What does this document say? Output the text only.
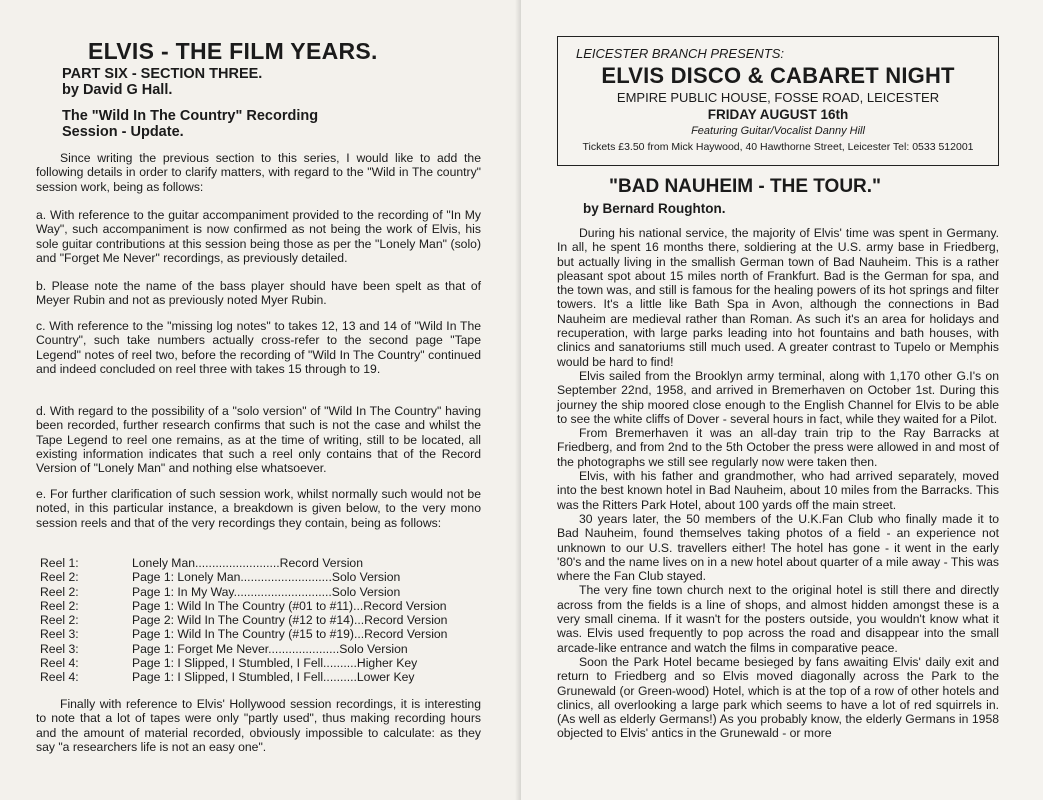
ELVIS - THE FILM YEARS.
PART SIX - SECTION THREE.
by David G Hall.
The "Wild In The Country" Recording
Session - Update.

Since writing the previous section to this series, I would like to add the following details in order to clarify matters, with regard to the "Wild in The country" session work, being as follows:

a. With reference to the guitar accompaniment provided to the recording of "In My Way", such accompaniment is now confirmed as not being the work of Elvis, his sole guitar contributions at this session being those as per the "Lonely Man" (solo) and "Forget Me Never" recordings, as previously detailed.

b. Please note the name of the bass player should have been spelt as that of Meyer Rubin and not as previously noted Myer Rubin.

c. With reference to the "missing log notes" to takes 12, 13 and 14 of "Wild In The Country", such take numbers actually cross-refer to the second page "Tape Legend" notes of reel two, before the recording of "Wild In The Country" continued and indeed concluded on reel three with takes 15 through to 19.

d. With regard to the possibility of a "solo version" of "Wild In The Country" having been recorded, further research confirms that such is not the case and whilst the Tape Legend to reel one remains, as at the time of writing, still to be located, all existing information indicates that such a reel only contains that of the Record Version of "Lonely Man" and nothing else whatsoever.

e. For further clarification of such session work, whilst normally such would not be noted, in this particular instance, a breakdown is given below, to the very mono session reels and that of the very recordings they contain, being as follows:

Reel 1:	Lonely Man.........................Record Version
Reel 2:	Page 1: Lonely Man...........................Solo Version
Reel 2:	Page 1: In My Way.............................Solo Version
Reel 2:	Page 1: Wild In The Country (#01 to #11)...Record Version
Reel 2:	Page 2: Wild In The Country (#12 to #14)...Record Version
Reel 3:	Page 1: Wild In The Country (#15 to #19)...Record Version
Reel 3:	Page 1: Forget Me Never.....................Solo Version
Reel 4:	Page 1: I Slipped, I Stumbled, I Fell..........Higher Key
Reel 4:	Page 1: I Slipped, I Stumbled, I Fell..........Lower Key

Finally with reference to Elvis' Hollywood session recordings, it is interesting to note that a lot of tapes were only "partly used", thus making recording hours and the amount of material recorded, obviously impossible to calculate: as they say "a researchers life is not an easy one".

LEICESTER BRANCH PRESENTS:
ELVIS DISCO & CABARET NIGHT
EMPIRE PUBLIC HOUSE, FOSSE ROAD, LEICESTER
FRIDAY AUGUST 16th
Featuring Guitar/Vocalist Danny Hill
Tickets £3.50 from Mick Haywood, 40 Hawthorne Street, Leicester Tel: 0533 512001
"BAD NAUHEIM - THE TOUR."
by Bernard Roughton.

During his national service, the majority of Elvis' time was spent in Germany. In all, he spent 16 months there, soldiering at the U.S. army base in Friedberg, but actually living in the smallish German town of Bad Nauheim. This is a rather pleasant spot about 15 miles north of Frankfurt. Bad is the German for spa, and the town was, and still is famous for the healing powers of its hot springs and filter towers. It's a little like Bath Spa in Avon, although the connections in Bad Nauheim are medieval rather than Roman. As such it's an area for holidays and recuperation, with large parks leading into hot fountains and bath houses, with clinics and sanatoriums still much used. A greater contrast to Tupelo or Memphis would be hard to find!

Elvis sailed from the Brooklyn army terminal, along with 1,170 other G.I's on September 22nd, 1958, and arrived in Bremerhaven on October 1st. During this journey the ship moored close enough to the English Channel for Elvis to be able to see the white cliffs of Dover - several hours in fact, while they waited for a Pilot.

From Bremerhaven it was an all-day train trip to the Ray Barracks at Friedberg, and from 2nd to the 5th October the press were allowed in and most of the photographs we still see regularly now were taken then.

Elvis, with his father and grandmother, who had arrived separately, moved into the best known hotel in Bad Nauheim, about 10 miles from the Barracks. This was the Ritters Park Hotel, about 100 yards off the main street.

30 years later, the 50 members of the U.K.Fan Club who finally made it to Bad Nauheim, found themselves taking photos of a field - an experience not unknown to our U.S. travellers either! The hotel has gone - it went in the early '80's and the name lives on in a new hotel about quarter of a mile away - This was where the Fan Club stayed.

The very fine town church next to the original hotel is still there and directly across from the fields is a line of shops, and almost hidden amongst these is a very small cinema. If it wasn't for the posters outside, you wouldn't know what it was. Elvis used frequently to pop across the road and disappear into the small arcade-like entrance and watch the films in comparative peace.

Soon the Park Hotel became besieged by fans awaiting Elvis' daily exit and return to Friedberg and so Elvis moved diagonally across the Park to the Grunewald (or Green-wood) Hotel, which is at the top of a row of other hotels and clinics, all overlooking a large park which seems to have a lot of red squirrels in. (As well as elderly Germans!) As you probably know, the elderly Germans in 1958 objected to Elvis' antics in the Grunewald - or more
